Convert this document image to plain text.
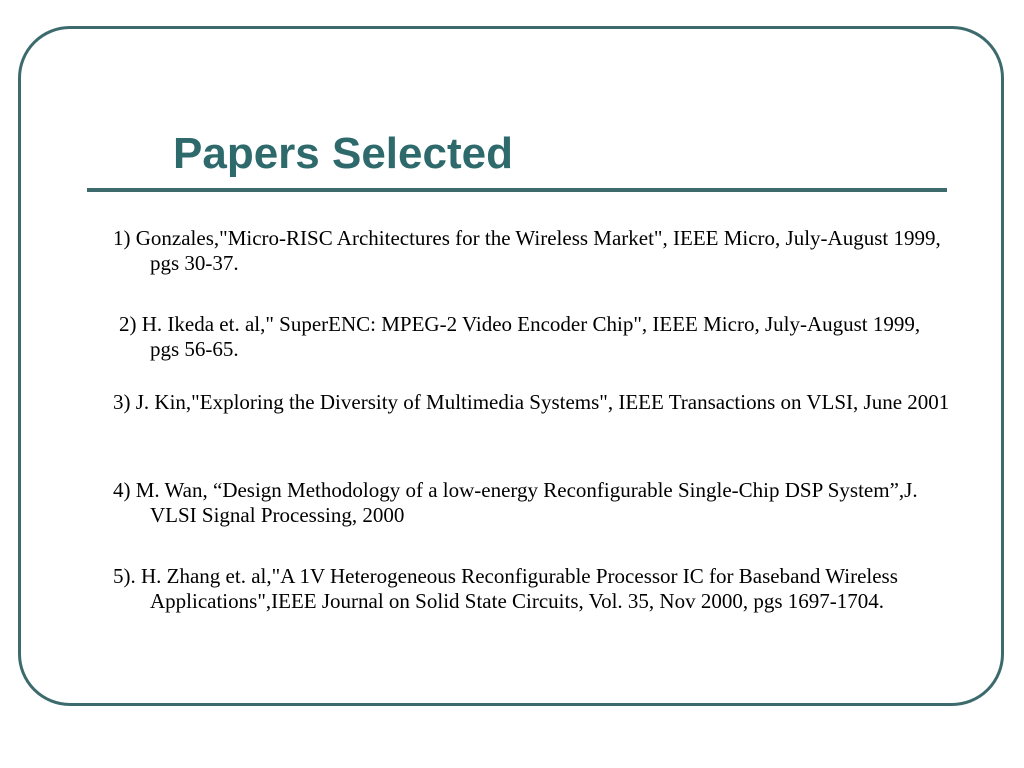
Papers Selected
1) Gonzales,"Micro-RISC Architectures for the Wireless Market", IEEE Micro, July-August 1999, pgs 30-37.
2) H. Ikeda et. al," SuperENC: MPEG-2 Video Encoder Chip", IEEE Micro, July-August 1999, pgs 56-65.
3) J. Kin,"Exploring the Diversity of Multimedia Systems", IEEE Transactions on VLSI, June 2001
4) M. Wan, “Design Methodology of a low-energy Reconfigurable Single-Chip DSP System”,J. VLSI Signal Processing, 2000
5). H. Zhang et. al,"A 1V Heterogeneous Reconfigurable Processor IC for Baseband Wireless Applications",IEEE Journal on Solid State Circuits, Vol. 35, Nov 2000, pgs 1697-1704.
